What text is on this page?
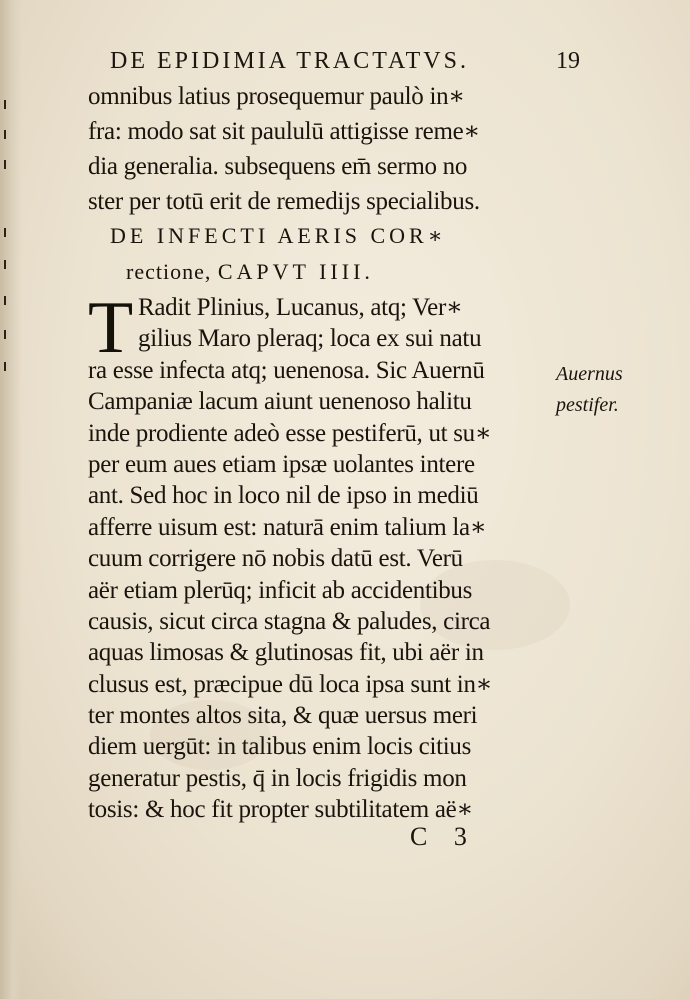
DE EPIDIMIA TRACTATVS.	19
omnibus latius prosequemur paulò in∗
fra: modo sat sit paululū attigisse reme∗
dia generalia. subsequens em̄ sermo no
ster per totū erit de remedijs specialibus.
DE INFECTI AERIS COR∗
rectione, CAPVT IIII.
T Radit Plinius, Lucanus, atq; Ver∗
gilius Maro pleraq; loca ex sui natu
ra esse infecta atq; uenenosa. Sic Auernū
Campaniæ lacum aiunt uenenoso halitu
inde prodiente adeò esse pestiferū, ut su∗
per eum aues etiam ipsæ uolantes intere
ant. Sed hoc in loco nil de ipso in mediū
afferre uisum est: naturā enim talium la∗
cuum corrigere nō nobis datū est. Verū
aër etiam plerūq; inficit ab accidentibus
causis, sicut circa stagna & paludes, circa
aquas limosas & glutinosas fit, ubi aër in
clusus est, præcipue dū loca ipsa sunt in∗
ter montes altos sita, & quæ uersus meri
diem uergūt: in talibus enim locis citius
generatur pestis, q̄ in locis frigidis mon
tosis: & hoc fit propter subtilitatem aë∗
Auernus
pestifer.
C 3
